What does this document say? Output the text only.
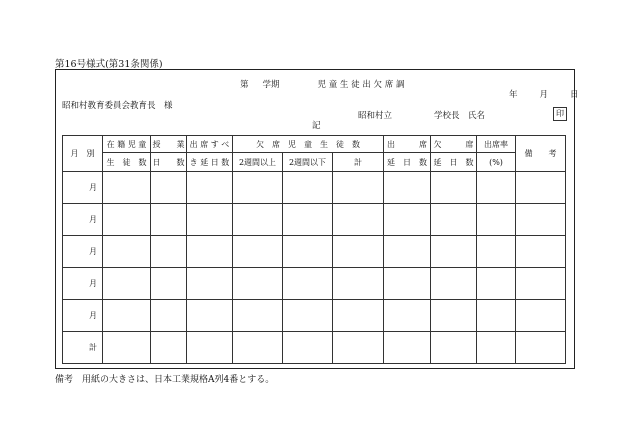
第16号様式(第31条関係)
第 学期	児 童 生 徒 出 欠 席 調
年	月	日
昭和村教育委員会教育長　様
昭和村立	学校長　氏名	印
記
月　別	在 籍 児 童	授　　業	出 席 す べ	欠　席　児　童　生　徒　数			出　　　席	欠　　　席	出席率	備　　考
	生　徒　数	日　　数	き 延 日 数	2週間以上	2週間以下	計	延　日　数	延　日　数	(%)	
月										
月										
月										
月										
月										
計										
備考　用紙の大きさは、日本工業規格A列4番とする。
